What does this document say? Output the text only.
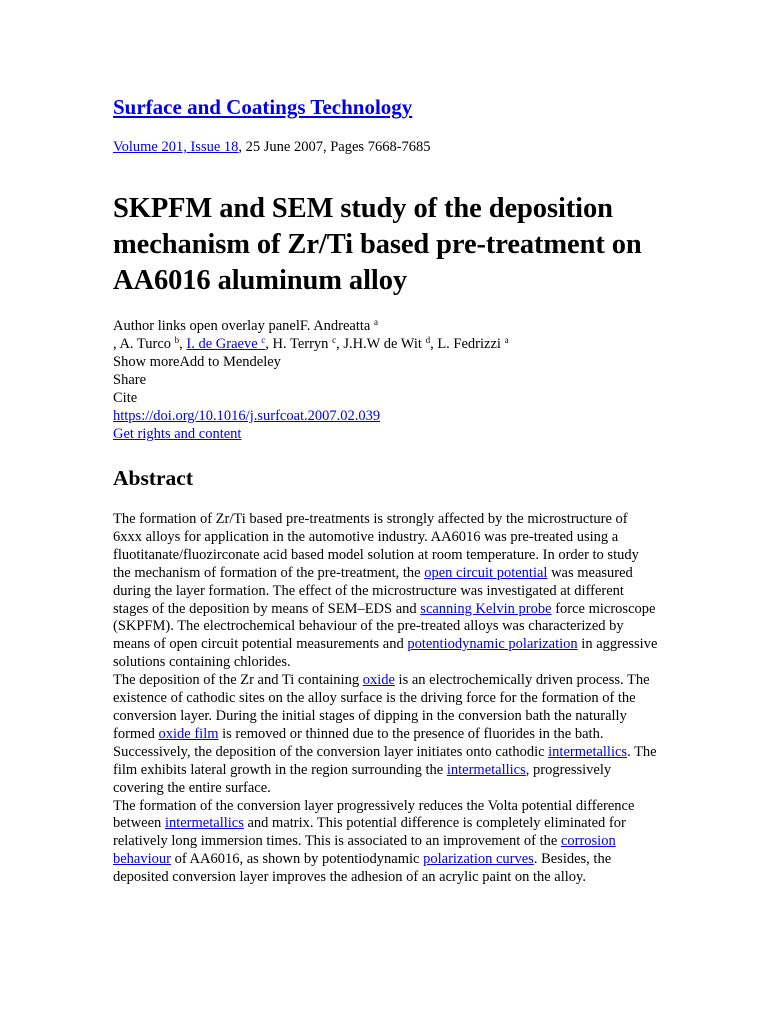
Surface and Coatings Technology
Volume 201, Issue 18, 25 June 2007, Pages 7668-7685
SKPFM and SEM study of the deposition mechanism of Zr/Ti based pre-treatment on AA6016 aluminum alloy
Author links open overlay panelF. Andreatta $^a$
, A. Turco $^b$, I. de Graeve $^c$, H. Terryn $^c$, J.H.W de Wit $^d$, L. Fedrizzi $^a$
Show moreAdd to Mendeley
Share
Cite
https://doi.org/10.1016/j.surfcoat.2007.02.039
Get rights and content
Abstract

The formation of Zr/Ti based pre-treatments is strongly affected by the microstructure of 6xxx alloys for application in the automotive industry. AA6016 was pre-treated using a fluotitanate/fluozirconate acid based model solution at room temperature. In order to study the mechanism of formation of the pre-treatment, the open circuit potential was measured during the layer formation. The effect of the microstructure was investigated at different stages of the deposition by means of SEM–EDS and scanning Kelvin probe force microscope (SKPFM). The electrochemical behaviour of the pre-treated alloys was characterized by means of open circuit potential measurements and potentiodynamic polarization in aggressive solutions containing chlorides.

The deposition of the Zr and Ti containing oxide is an electrochemically driven process. The existence of cathodic sites on the alloy surface is the driving force for the formation of the conversion layer. During the initial stages of dipping in the conversion bath the naturally formed oxide film is removed or thinned due to the presence of fluorides in the bath. Successively, the deposition of the conversion layer initiates onto cathodic intermetallics. The film exhibits lateral growth in the region surrounding the intermetallics, progressively covering the entire surface.

The formation of the conversion layer progressively reduces the Volta potential difference between intermetallics and matrix. This potential difference is completely eliminated for relatively long immersion times. This is associated to an improvement of the corrosion behaviour of AA6016, as shown by potentiodynamic polarization curves. Besides, the deposited conversion layer improves the adhesion of an acrylic paint on the alloy.
